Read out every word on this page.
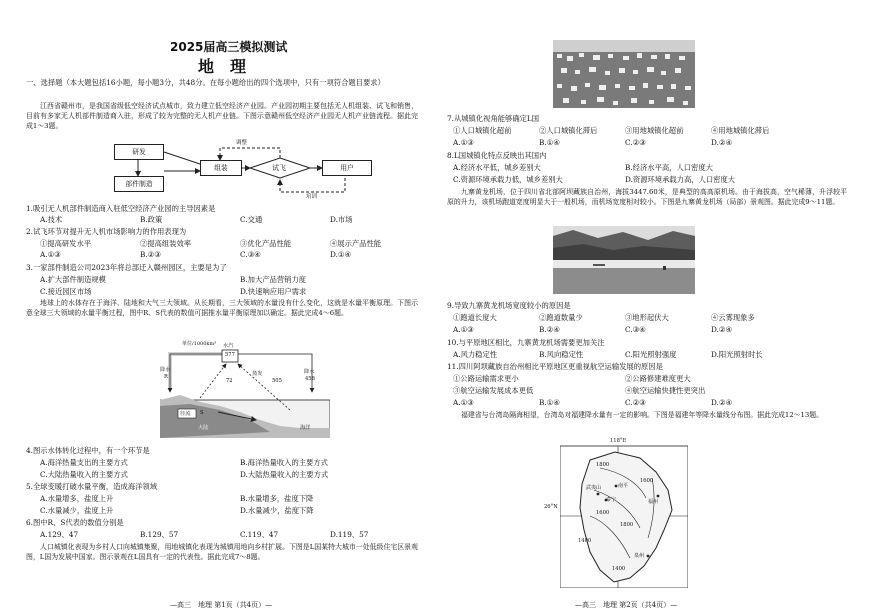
2025届高三模拟测试
地　理
一、选择题（本大题包括16小题，每小题3分，共48分。在每小题给出的四个选项中，只有一项符合题目要求）
江西省赣州市，是我国省级低空经济试点城市，致力建立低空经济产业园。产业园初期主要包括无人机组装、试飞和销售，目前有多家无人机部件制造商入驻，形成了较为完整的无人机产业链。下图示意赣州低空经济产业园无人机产业链流程。据此完成1～3题。
研发
部件制造
组装	试飞	用户
调整
培训
1.吸引无人机部件制造商入驻低空经济产业园的主导因素是
A.技术	B.政策	C.交通	D.市场
2.试飞环节对提升无人机市场影响力的作用表现为
①提高研发水平	②提高组装效率	③优化产品性能	④展示产品性能
A.①③	B.②③	C.③④	D.①④
3.一家部件制造公司2023年将总部迁入赣州园区，主要是为了
A.扩大部件制造规模	B.加大产品营销力度
C.接近园区市场	D.快速响应用户需求
地球上的水体存在于海洋、陆地和大气三大领域。从长期看，三大领域的水量没有什么变化，这就是水量平衡原理。下图示意全球三大领域的水量平衡过程，图中R、S代表的数值可据推水量平衡原理加以确定。据此完成4～6题。
单位/1000km³ 水汽
577
降水
R	蒸发
72	505
降水
458
径流 S
大陆	海洋
4.图示水体转化过程中，有一个环节是
A.海洋热量支出的主要方式	B.海洋热量收入的主要方式
C.大陆热量收入的主要方式	D.大陆热量收入的主要方式
5.全球变暖打破水量平衡，造成海洋领域
A.水量增多，盐度上升	B.水量增多，盐度下降
C.水量减少，盐度上升	D.水量减少，盐度下降
6.图中R、S代表的数值分别是
A.129、47	B.129、57	C.119、47	D.119、57
人口城镇化表现为乡村人口向城镇集聚，用地城镇化表现为城镇用地向乡村扩展。下图是L国某特大城市一处低级住宅区景观图，L国为发展中国家。图示景观在L国具有一定的代表性。据此完成7～8题。
—高三　地理 第1页（共4页）—
7.从城镇化视角能够确定L国
①人口城镇化超前	②人口城镇化滞后	③用地城镇化超前	④用地城镇化滞后
A.①③	B.①④	C.②③	D.②④
8.L国城镇化特点反映出其国内
A.经济水平低，城乡差别大	B.经济水平高，人口密度大
C.资源环境承载力低，城乡差别大	D.资源环境承载力高，人口密度大
九寨黄龙机场，位于四川省北部阿坝藏族自治州，海拔3447.60米，是典型的高高原机场。由于海拔高，空气稀薄，升浮较平原的升力，该机场跑道宽度明显大于一般机场，而机场宽度相对较小。下图是九寨黄龙机场（局部）景观图。据此完成9～11题。
9.导致九寨黄龙机场宽度较小的原因是
①跑道长度大	②跑道数量少	③地形起伏大	④云雾现象多
A.①③	B.②④	C.③④	D.②④
10.与平原地区相比，九寨黄龙机场需要更加关注
A.风力稳定性	B.风向稳定性	C.阳光照射强度	D.阳光照射时长
11.四川阿坝藏族自治州相比平原地区更重视航空运输发展的原因是
①公路运输需求更小	②公路修建难度更大
③航空运输发展成本更低	④航空运输快捷性更突出
A.①③	B.①④	C.②③	D.②④
福建省与台湾岛隔海相望，台湾岛对福建降水量有一定的影响。下图是福建年等降水量线分布图。据此完成12～13题。
118°E
26°N
1800
1600
1800
1400
1600
1400
南平
福州
武夷山
泰宁
泉州
—高三　地理 第2页（共4页）—
